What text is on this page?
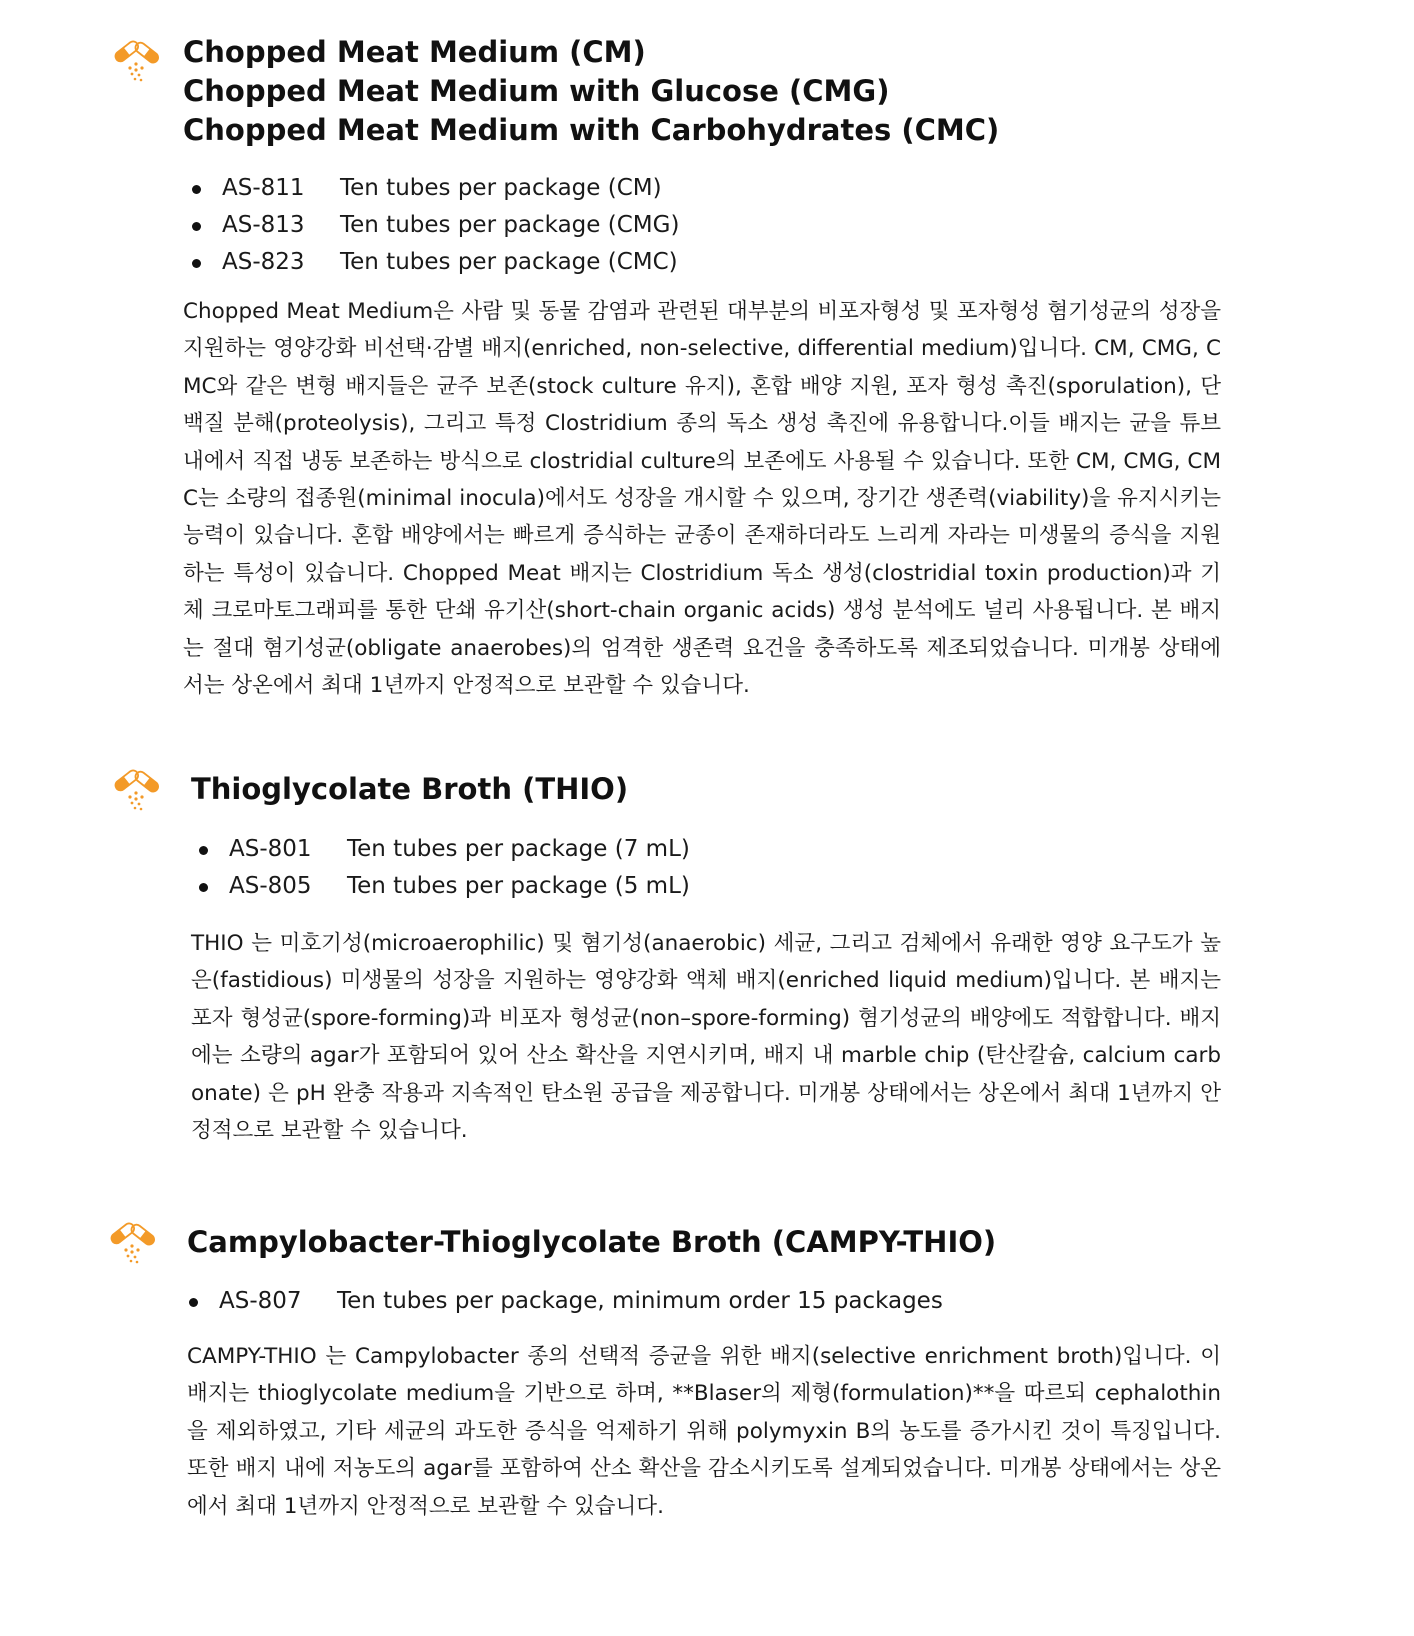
Chopped Meat Medium (CM)
Chopped Meat Medium with Glucose (CMG)
Chopped Meat Medium with Carbohydrates (CMC)
AS-811 Ten tubes per package (CM)
AS-813 Ten tubes per package (CMG)
AS-823 Ten tubes per package (CMC)

Chopped Meat Medium은 사람 및 동물 감염과 관련된 대부분의 비포자형성 및 포자형성 혐기성균의 성장을 지원하는 영양강화 비선택·감별 배지(enriched, non-selective, differential medium)입니다. CM, CMG, CMC와 같은 변형 배지들은 균주 보존(stock culture 유지), 혼합 배양 지원, 포자 형성 촉진(sporulation), 단백질 분해(proteolysis), 그리고 특정 Clostridium 종의 독소 생성 촉진에 유용합니다.이들 배지는 균을 튜브 내에서 직접 냉동 보존하는 방식으로 clostridial culture의 보존에도 사용될 수 있습니다. 또한 CM, CMG, CMC는 소량의 접종원(minimal inocula)에서도 성장을 개시할 수 있으며, 장기간 생존력(viability)을 유지시키는 능력이 있습니다. 혼합 배양에서는 빠르게 증식하는 균종이 존재하더라도 느리게 자라는 미생물의 증식을 지원하는 특성이 있습니다. Chopped Meat 배지는 Clostridium 독소 생성(clostridial toxin production)과 기체 크로마토그래피를 통한 단쇄 유기산(short-chain organic acids) 생성 분석에도 널리 사용됩니다. 본 배지는 절대 혐기성균(obligate anaerobes)의 엄격한 생존력 요건을 충족하도록 제조되었습니다. 미개봉 상태에서는 상온에서 최대 1년까지 안정적으로 보관할 수 있습니다.

Thioglycolate Broth (THIO)
AS-801 Ten tubes per package (7 mL)
AS-805 Ten tubes per package (5 mL)

THIO 는 미호기성(microaerophilic) 및 혐기성(anaerobic) 세균, 그리고 검체에서 유래한 영양 요구도가 높은(fastidious) 미생물의 성장을 지원하는 영양강화 액체 배지(enriched liquid medium)입니다. 본 배지는 포자 형성균(spore-forming)과 비포자 형성균(non–spore-forming) 혐기성균의 배양에도 적합합니다. 배지에는 소량의 agar가 포함되어 있어 산소 확산을 지연시키며, 배지 내 marble chip (탄산칼슘, calcium carbonate) 은 pH 완충 작용과 지속적인 탄소원 공급을 제공합니다. 미개봉 상태에서는 상온에서 최대 1년까지 안정적으로 보관할 수 있습니다.

Campylobacter-Thioglycolate Broth (CAMPY-THIO)
AS-807 Ten tubes per package, minimum order 15 packages

CAMPY-THIO 는 Campylobacter 종의 선택적 증균을 위한 배지(selective enrichment broth)입니다. 이 배지는 thioglycolate medium을 기반으로 하며, **Blaser의 제형(formulation)**을 따르되 cephalothin을 제외하였고, 기타 세균의 과도한 증식을 억제하기 위해 polymyxin B의 농도를 증가시킨 것이 특징입니다. 또한 배지 내에 저농도의 agar를 포함하여 산소 확산을 감소시키도록 설계되었습니다. 미개봉 상태에서는 상온에서 최대 1년까지 안정적으로 보관할 수 있습니다.
